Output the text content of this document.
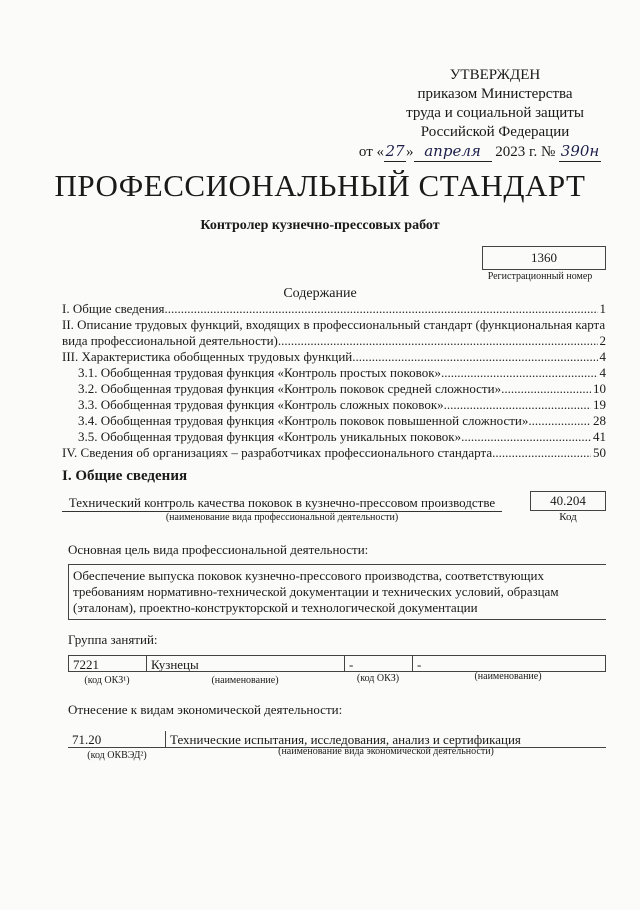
УТВЕРЖДЕН
приказом Министерства
труда и социальной защиты
Российской Федерации
от «27» апреля 2023 г. № 390н
ПРОФЕССИОНАЛЬНЫЙ СТАНДАРТ
Контролер кузнечно-прессовых работ
1360
Регистрационный номер
Содержание
I. Общие сведения .....	1
II. Описание трудовых функций, входящих в профессиональный стандарт (функциональная карта
вида профессиональной деятельности) .....	2
III. Характеристика обобщенных трудовых функций .....	4
3.1. Обобщенная трудовая функция «Контроль простых поковок» .....	4
3.2. Обобщенная трудовая функция «Контроль поковок средней сложности» .....	10
3.3. Обобщенная трудовая функция «Контроль сложных поковок» .....	19
3.4. Обобщенная трудовая функция «Контроль поковок повышенной сложности» .....	28
3.5. Обобщенная трудовая функция «Контроль уникальных поковок» .....	41
IV. Сведения об организациях – разработчиках профессионального стандарта .....	50
I. Общие сведения
Технический контроль качества поковок в кузнечно-прессовом производстве
(наименование вида профессиональной деятельности)
40.204
Код
Основная цель вида профессиональной деятельности:
Обеспечение выпуска поковок кузнечно-прессового производства, соответствующих
требованиям нормативно-технической документации и технических условий, образцам
(эталонам), проектно-конструкторской и технологической документации
Группа занятий:
7221	Кузнецы	-	-
(код ОКЗ¹)	(наименование)	(код ОКЗ)	(наименование)
Отнесение к видам экономической деятельности:
71.20	Технические испытания, исследования, анализ и сертификация
(код ОКВЭД²)	(наименование вида экономической деятельности)
